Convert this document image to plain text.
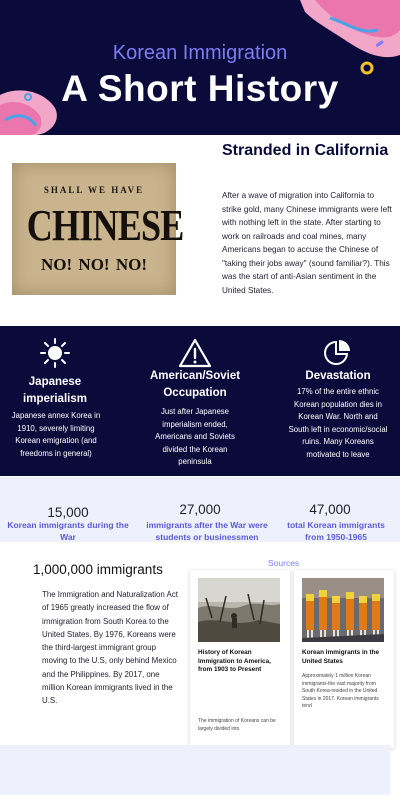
Korean Immigration
A Short History
SHALL WE HAVE
CHINESE
NO! NO! NO!
Stranded in California

After a wave of migration into California to strike gold, many Chinese immigrants were left with nothing left in the state. After starting to work on railroads and coal mines, many Americans began to accuse the Chinese of "taking their jobs away" (sound familiar?). This was the start of anti-Asian sentiment in the United States.

Japanese imperialism

Japanese annex Korea in 1910, severely limiting Korean emigration (and freedoms in general)

American/Soviet Occupation

Just after Japanese imperialism ended, Americans and Soviets divided the Korean peninsula

Devastation

17% of the entire ethnic Korean population dies in Korean War. North and South left in economic/social ruins. Many Koreans motivated to leave

15,000
Korean immigrants during the War
27,000
immigrants after the War were students or businessmen
47,000
total Korean immigrants from 1950-1965
1,000,000 immigrants

The Immigration and Naturalization Act of 1965 greatly increased the flow of immigration from South Korea to the United States. By 1976, Koreans were the third-largest immigrant group moving to the U.S, only behind Mexico and the Philippines. By 2017, one million Korean immigrants lived in the U.S.

Sources
History of Korean Immigration to America, from 1903 to Present

The immigration of Koreans can be largely divided into

Korean Immigrants in the United States

Approximately 1 million Korean immigrants-the vast majority from South Korea-resided in the United States in 2017. Korean immigrants tend
